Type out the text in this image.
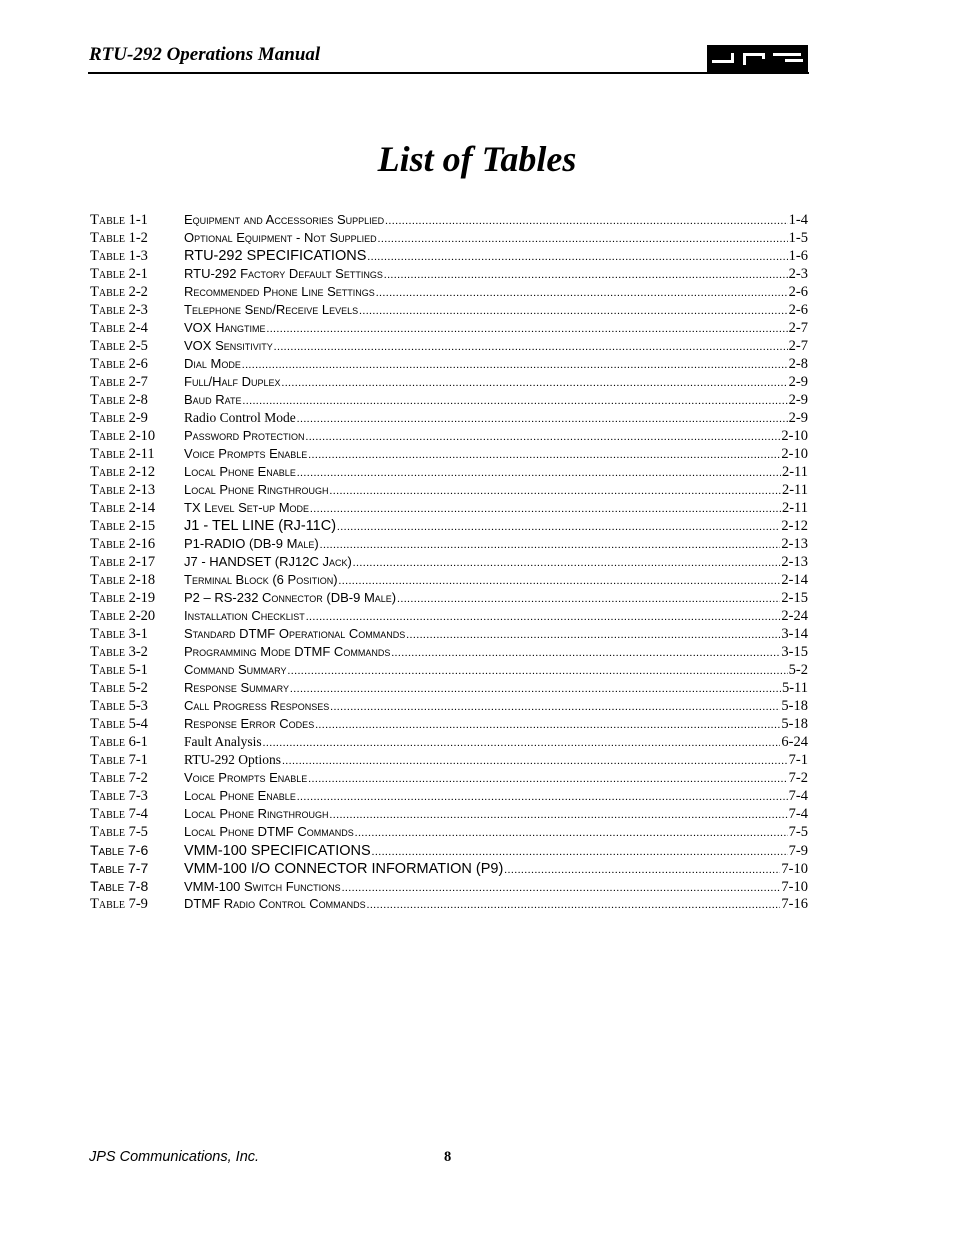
RTU-292 Operations Manual
List of Tables
Table 1-1	Equipment and Accessories Supplied .....	1-4
Table 1-2	Optional Equipment - Not Supplied .....	1-5
Table 1-3	RTU-292 SPECIFICATIONS .....	1-6
Table 2-1	RTU-292 Factory Default Settings .....	2-3
Table 2-2	Recommended Phone Line Settings .....	2-6
Table 2-3	Telephone Send/Receive Levels .....	2-6
Table 2-4	VOX Hangtime .....	2-7
Table 2-5	VOX Sensitivity .....	2-7
Table 2-6	Dial Mode .....	2-8
Table 2-7	Full/Half Duplex .....	2-9
Table 2-8	Baud Rate .....	2-9
Table 2-9	Radio Control Mode .....	2-9
Table 2-10	Password Protection .....	2-10
Table 2-11	Voice Prompts Enable .....	2-10
Table 2-12	Local Phone Enable .....	2-11
Table 2-13	Local Phone Ringthrough .....	2-11
Table 2-14	TX Level Set-up Mode .....	2-11
Table 2-15	J1 - TEL LINE (RJ-11C) .....	2-12
Table 2-16	P1-RADIO (DB-9 Male) .....	2-13
Table 2-17	J7 - HANDSET (RJ12C Jack) .....	2-13
Table 2-18	Terminal Block (6 Position) .....	2-14
Table 2-19	P2 – RS-232 Connector (DB-9 Male) .....	2-15
Table 2-20	Installation Checklist .....	2-24
Table 3-1	Standard DTMF Operational Commands .....	3-14
Table 3-2	Programming Mode DTMF Commands .....	3-15
Table 5-1	Command Summary .....	5-2
Table 5-2	Response Summary .....	5-11
Table 5-3	Call Progress Responses .....	5-18
Table 5-4	Response Error Codes .....	5-18
Table 6-1	Fault Analysis .....	6-24
Table 7-1	RTU-292 Options .....	7-1
Table 7-2	Voice Prompts Enable .....	7-2
Table 7-3	Local Phone Enable .....	7-4
Table 7-4	Local Phone Ringthrough .....	7-4
Table 7-5	Local Phone DTMF Commands .....	7-5
Table 7-6	VMM-100 SPECIFICATIONS .....	7-9
Table 7-7	VMM-100 I/O CONNECTOR INFORMATION (P9) .....	7-10
Table 7-8	VMM-100 Switch Functions .....	7-10
Table 7-9	DTMF Radio Control Commands .....	7-16
JPS Communications, Inc.	8
